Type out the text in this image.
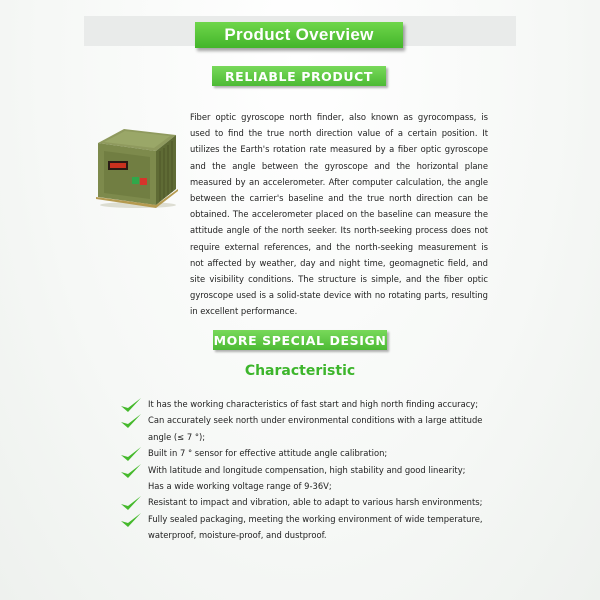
Product Overview
RELIABLE PRODUCT
Fiber optic gyroscope north finder, also known as gyrocompass, is used to find the true north direction value of a certain position. It utilizes the Earth's rotation rate measured by a fiber optic gyroscope and the angle between the gyroscope and the horizontal plane measured by an accelerometer. After computer calculation, the angle between the carrier's baseline and the true north direction can be obtained. The accelerometer placed on the baseline can measure the attitude angle of the north seeker. Its north-seeking process does not require external references, and the north-seeking measurement is not affected by weather, day and night time, geomagnetic field, and site visibility conditions. The structure is simple, and the fiber optic gyroscope used is a solid-state device with no rotating parts, resulting in excellent performance.
MORE SPECIAL DESIGN
Characteristic
It has the working characteristics of fast start and high north finding accuracy;
Can accurately seek north under environmental conditions with a large attitude angle (≤ 7 °);
Built in 7 ° sensor for effective attitude angle calibration;
With latitude and longitude compensation, high stability and good linearity;
Has a wide working voltage range of 9-36V;
Resistant to impact and vibration, able to adapt to various harsh environments;
Fully sealed packaging, meeting the working environment of wide temperature, waterproof, moisture-proof, and dustproof.
